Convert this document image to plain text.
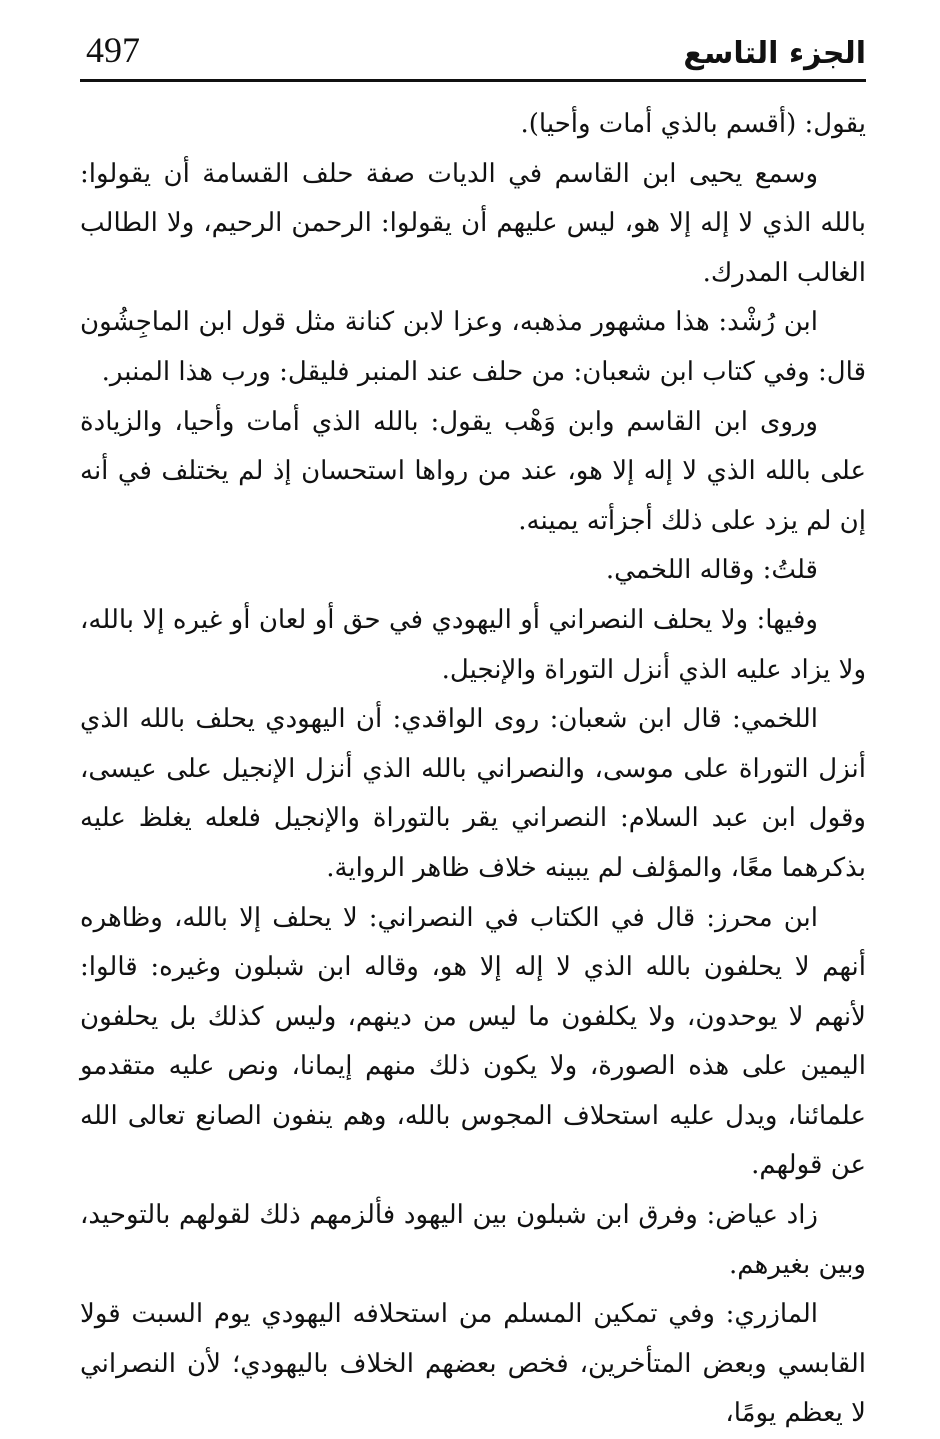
497	الجزء التاسع

يقول: (أقسم بالذي أمات وأحيا).

وسمع يحيى ابن القاسم في الديات صفة حلف القسامة أن يقولوا: بالله الذي لا إله إلا هو، ليس عليهم أن يقولوا: الرحمن الرحيم، ولا الطالب الغالب المدرك.

ابن رُشْد: هذا مشهور مذهبه، وعزا لابن كنانة مثل قول ابن الماجِشُون قال: وفي كتاب ابن شعبان: من حلف عند المنبر فليقل: ورب هذا المنبر.

وروى ابن القاسم وابن وَهْب يقول: بالله الذي أمات وأحيا، والزيادة على بالله الذي لا إله إلا هو، عند من رواها استحسان إذ لم يختلف في أنه إن لم يزد على ذلك أجزأته يمينه.

قلتُ: وقاله اللخمي.

وفيها: ولا يحلف النصراني أو اليهودي في حق أو لعان أو غيره إلا بالله، ولا يزاد عليه الذي أنزل التوراة والإنجيل.

اللخمي: قال ابن شعبان: روى الواقدي: أن اليهودي يحلف بالله الذي أنزل التوراة على موسى، والنصراني بالله الذي أنزل الإنجيل على عيسى، وقول ابن عبد السلام: النصراني يقر بالتوراة والإنجيل فلعله يغلظ عليه بذكرهما معًا، والمؤلف لم يبينه خلاف ظاهر الرواية.

ابن محرز: قال في الكتاب في النصراني: لا يحلف إلا بالله، وظاهره أنهم لا يحلفون بالله الذي لا إله إلا هو، وقاله ابن شبلون وغيره: قالوا: لأنهم لا يوحدون، ولا يكلفون ما ليس من دينهم، وليس كذلك بل يحلفون اليمين على هذه الصورة، ولا يكون ذلك منهم إيمانا، ونص عليه متقدمو علمائنا، ويدل عليه استحلاف المجوس بالله، وهم ينفون الصانع تعالى الله عن قولهم.

زاد عياض: وفرق ابن شبلون بين اليهود فألزمهم ذلك لقولهم بالتوحيد، وبين بغيرهم.

المازري: وفي تمكين المسلم من استحلافه اليهودي يوم السبت قولا القابسي وبعض المتأخرين، فخص بعضهم الخلاف باليهودي؛ لأن النصراني لا يعظم يومًا،
